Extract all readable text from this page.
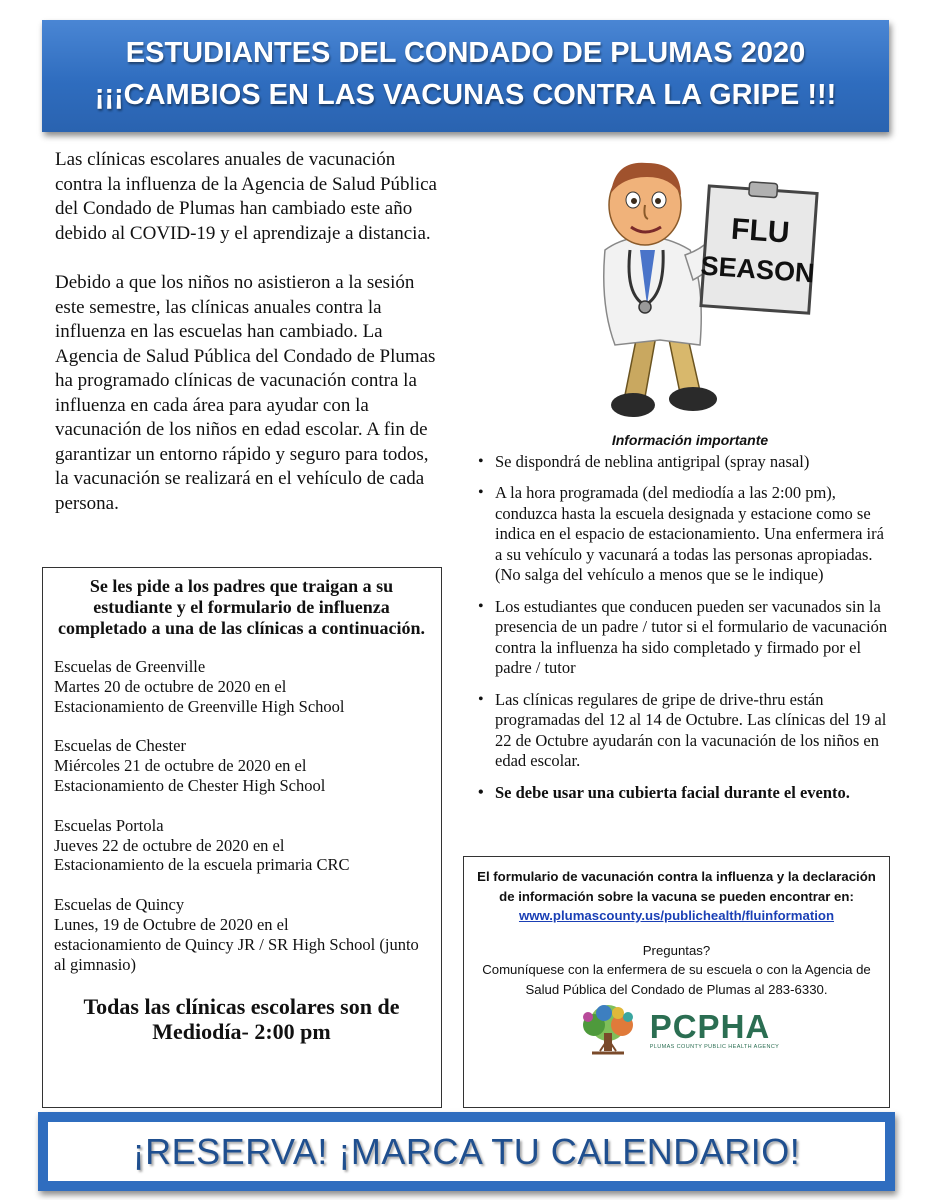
ESTUDIANTES DEL CONDADO DE PLUMAS 2020
¡¡¡CAMBIOS EN LAS VACUNAS CONTRA LA GRIPE !!!

Las clínicas escolares anuales de vacunación contra la influenza de la Agencia de Salud Pública del Condado de Plumas han cambiado este año debido al COVID-19 y el aprendizaje a distancia.

Debido a que los niños no asistieron a la sesión este semestre, las clínicas anuales contra la influenza en las escuelas han cambiado. La Agencia de Salud Pública del Condado de Plumas ha programado clínicas de vacunación contra la influenza en cada área para ayudar con la vacunación de los niños en edad escolar. A fin de garantizar un entorno rápido y seguro para todos, la vacunación se realizará en el vehículo de cada persona.

FLU
SEASON
Información importante
• Se dispondrá de neblina antigripal (spray nasal)
• A la hora programada (del mediodía a las 2:00 pm), conduzca hasta la escuela designada y estacione como se indica en el espacio de estacionamiento. Una enfermera irá a su vehículo y vacunará a todas las personas apropiadas. (No salga del vehículo a menos que se le indique)
• Los estudiantes que conducen pueden ser vacunados sin la presencia de un padre / tutor si el formulario de vacunación contra la influenza ha sido completado y firmado por el padre / tutor
• Las clínicas regulares de gripe de drive-thru están programadas del 12 al 14 de Octubre. Las clínicas del 19 al 22 de Octubre ayudarán con la vacunación de los niños en edad escolar.
• Se debe usar una cubierta facial durante el evento.
Se les pide a los padres que traigan a su estudiante y el formulario de influenza completado a una de las clínicas a continuación.
Escuelas de Greenville
Martes 20 de octubre de 2020 en el
Estacionamiento de Greenville High School
Escuelas de Chester
Miércoles 21 de octubre de 2020 en el
Estacionamiento de Chester High School
Escuelas Portola
Jueves 22 de octubre de 2020 en el
Estacionamiento de la escuela primaria CRC
Escuelas de Quincy
Lunes, 19 de Octubre de 2020 en el
estacionamiento de Quincy JR / SR High School (junto al gimnasio)
Todas las clínicas escolares son de Mediodía- 2:00 pm
El formulario de vacunación contra la influenza y la declaración de información sobre la vacuna se pueden encontrar en:
www.plumascounty.us/publichealth/fluinformation
Preguntas?
Comuníquese con la enfermera de su escuela o con la Agencia de Salud Pública del Condado de Plumas al 283-6330.
PCPHA
PLUMAS COUNTY PUBLIC HEALTH AGENCY
¡RESERVA! ¡MARCA TU CALENDARIO!
